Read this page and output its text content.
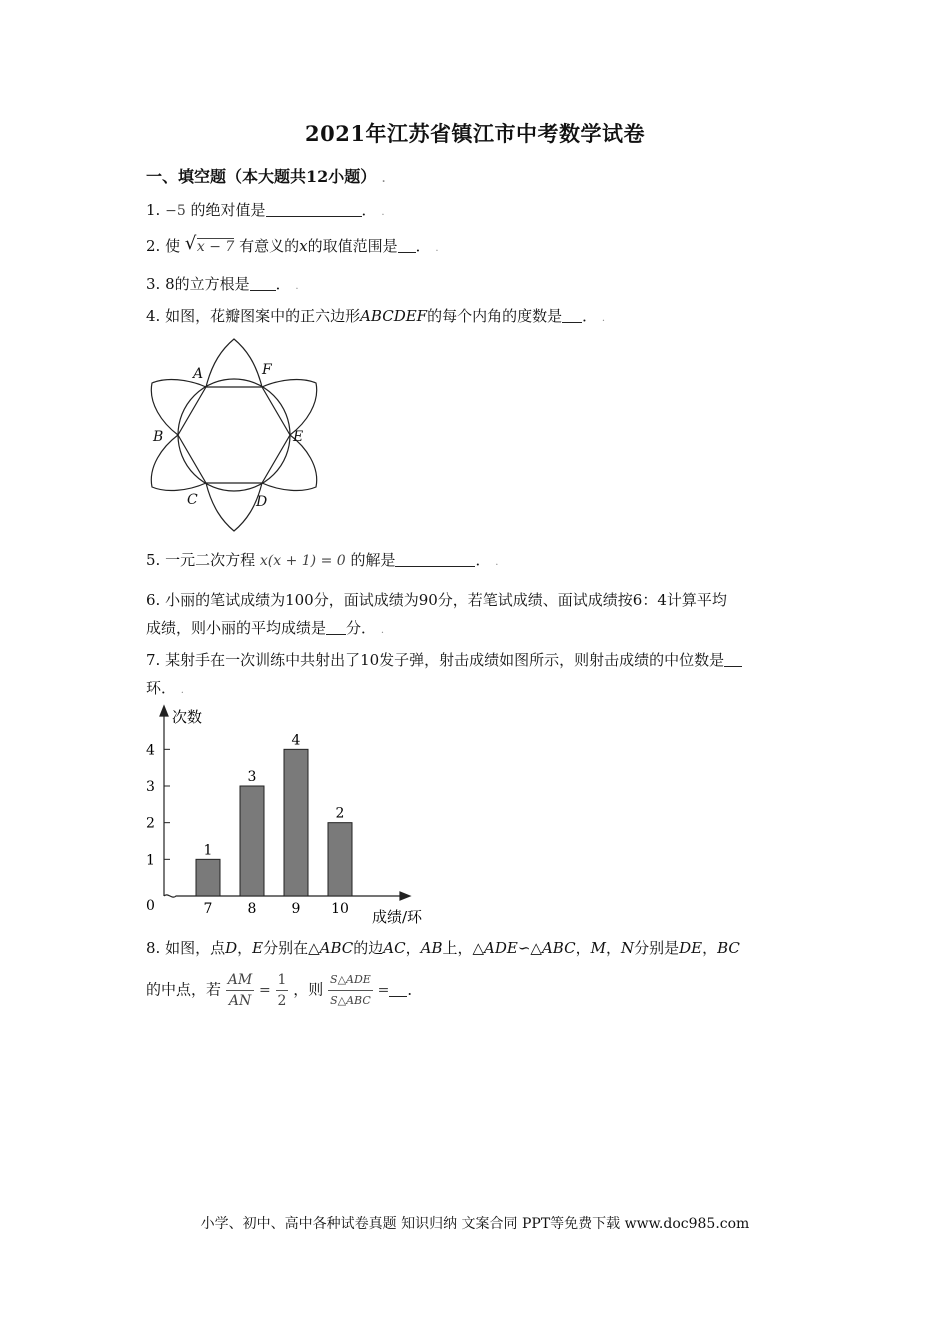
2021年江苏省镇江市中考数学试卷
一、填空题（本大题共12小题） .
1. −5 的绝对值是	． .
2. 使 √ x − 7 有意义的x的取值范围是 ． .
3. 8的立方根是 ． .
4. 如图，花瓣图案中的正六边形ABCDEF的每个内角的度数是 ． .
A	F
B	E
C	D
5. 一元二次方程 x(x + 1) = 0 的解是	． .
6. 小丽的笔试成绩为100分，面试成绩为90分，若笔试成绩、面试成绩按6：4计算平均
成绩，则小丽的平均成绩是 分． .
7. 某射手在一次训练中共射出了10发子弹，射击成绩如图所示，则射击成绩的中位数是
环． .
次数
成绩/环
0
1
2
3
4
1
7
3
8
4
9
2
10
8. 如图，点D，E分别在△ABC的边AC，AB上，△ADE∽△ABC，M，N分别是DE，BC
的中点，若 $\frac{AM}{AN} = \frac{1}{2}$ ，则 $\frac{\text{S△ADE}}{\text{S△ABC}}$ = ．
小学、初中、高中各种试卷真题 知识归纳 文案合同 PPT等免费下载 www.doc985.com
